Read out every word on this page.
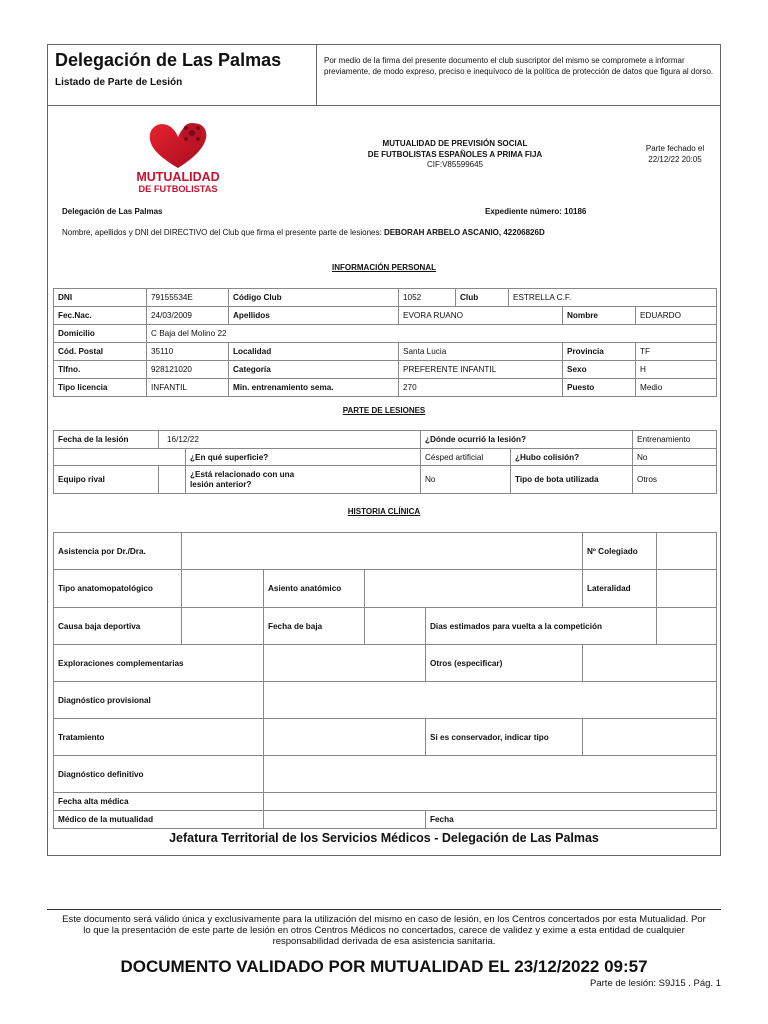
Delegación de Las Palmas
Listado de Parte de Lesión
Por medio de la firma del presente documento el club suscriptor del mismo se compromete a informar previamente, de modo expreso, preciso e inequívoco de la política de protección de datos que figura al dorso.
MUTUALIDAD
DE FUTBOLISTAS
MUTUALIDAD DE PREVISIÓN SOCIAL
DE FUTBOLISTAS ESPAÑOLES A PRIMA FIJA
CIF:V85599645
Parte fechado el
22/12/22 20:05
Delegación de Las Palmas	Expediente número: 10186
Nombre, apellidos y DNI del DIRECTIVO del Club que firma el presente parte de lesiones: DEBORAH ARBELO ASCANIO, 42206826D
INFORMACIÓN PERSONAL
DNI	79155534E	Código Club	1052	Club	ESTRELLA C.F.		
Fec.Nac.	24/03/2009	Apellidos	EVORA RUANO			Nombre	EDUARDO
Domicilio	C Baja del Molino 22						
Cód. Postal	35110	Localidad	Santa Lucia			Provincia	TF
Tlfno.	928121020	Categoría	PREFERENTE INFANTIL			Sexo	H
Tipo licencia	INFANTIL	Min. entrenamiento sema.	270			Puesto	Medio
PARTE DE LESIONES
Fecha de la lesión	16/12/22		¿Dónde ocurrió la lesión?		Entrenamiento
		¿En qué superficie?	Césped artificial	¿Hubo colisión?	No
Equipo rival		¿Está relacionado con una lesión anterior?	No	Tipo de bota utilizada	Otros
HISTORIA CLÍNICA
Asistencia por Dr./Dra.					Nº Colegiado	
Tipo anatomopatológico		Asiento anatómico			Lateralidad	
Causa baja deportiva		Fecha de baja		Dias estimados para vuelta a la competición		
Exploraciones complementarias				Otros (especificar)		
Diagnóstico provisional						
Tratamiento				Si es conservador, indicar tipo		
Diagnóstico definitivo						
Fecha alta médica						
Médico de la mutualidad				Fecha		
Jefatura Territorial de los Servicios Médicos - Delegación de Las Palmas
Este documento será válido única y exclusivamente para la utilización del mismo en caso de lesión, en los Centros concertados por esta Mutualidad. Por lo que la presentación de este parte de lesión en otros Centros Médicos no concertados, carece de validez y exime a esta entidad de cualquier responsabilidad derivada de esa asistencia sanitaria.
DOCUMENTO VALIDADO POR MUTUALIDAD EL 23/12/2022 09:57
Parte de lesión: S9J15 . Pág. 1
